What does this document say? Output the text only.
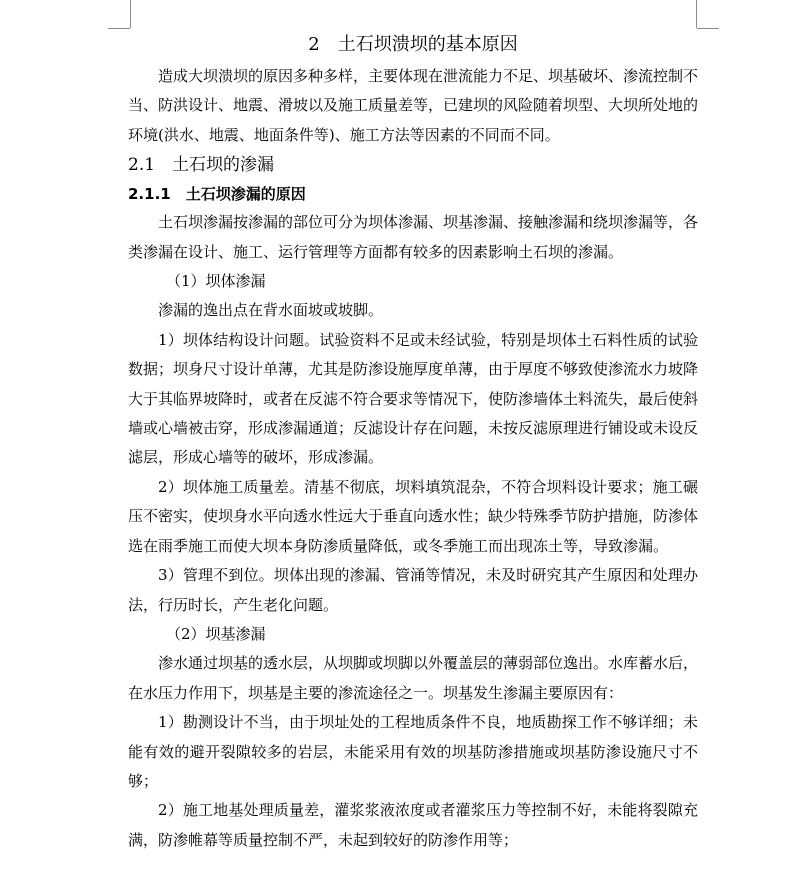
2　土石坝溃坝的基本原因

造成大坝溃坝的原因多种多样，主要体现在泄流能力不足、坝基破坏、渗流控制不当、防洪设计、地震、滑坡以及施工质量差等，已建坝的风险随着坝型、大坝所处地的环境(洪水、地震、地面条件等)、施工方法等因素的不同而不同。

2.1　土石坝的渗漏

2.1.1　土石坝渗漏的原因

土石坝渗漏按渗漏的部位可分为坝体渗漏、坝基渗漏、接触渗漏和绕坝渗漏等，各类渗漏在设计、施工、运行管理等方面都有较多的因素影响土石坝的渗漏。

（1）坝体渗漏

渗漏的逸出点在背水面坡或坡脚。

1）坝体结构设计问题。试验资料不足或未经试验，特别是坝体土石料性质的试验数据；坝身尺寸设计单薄，尤其是防渗设施厚度单薄，由于厚度不够致使渗流水力坡降大于其临界坡降时，或者在反滤不符合要求等情况下，使防渗墙体土料流失，最后使斜墙或心墙被击穿，形成渗漏通道；反滤设计存在问题，未按反滤原理进行铺设或未设反滤层，形成心墙等的破坏，形成渗漏。

2）坝体施工质量差。清基不彻底，坝料填筑混杂，不符合坝料设计要求；施工碾压不密实，使坝身水平向透水性远大于垂直向透水性；缺少特殊季节防护措施，防渗体选在雨季施工而使大坝本身防渗质量降低，或冬季施工而出现冻土等，导致渗漏。

3）管理不到位。坝体出现的渗漏、管涌等情况，未及时研究其产生原因和处理办法，行历时长，产生老化问题。

（2）坝基渗漏

渗水通过坝基的透水层，从坝脚或坝脚以外覆盖层的薄弱部位逸出。水库蓄水后，在水压力作用下，坝基是主要的渗流途径之一。坝基发生渗漏主要原因有：

1）勘测设计不当，由于坝址处的工程地质条件不良，地质勘探工作不够详细；未能有效的避开裂隙较多的岩层，未能采用有效的坝基防渗措施或坝基防渗设施尺寸不够；

2）施工地基处理质量差，灌浆浆液浓度或者灌浆压力等控制不好，未能将裂隙充满，防渗帷幕等质量控制不严，未起到较好的防渗作用等；
